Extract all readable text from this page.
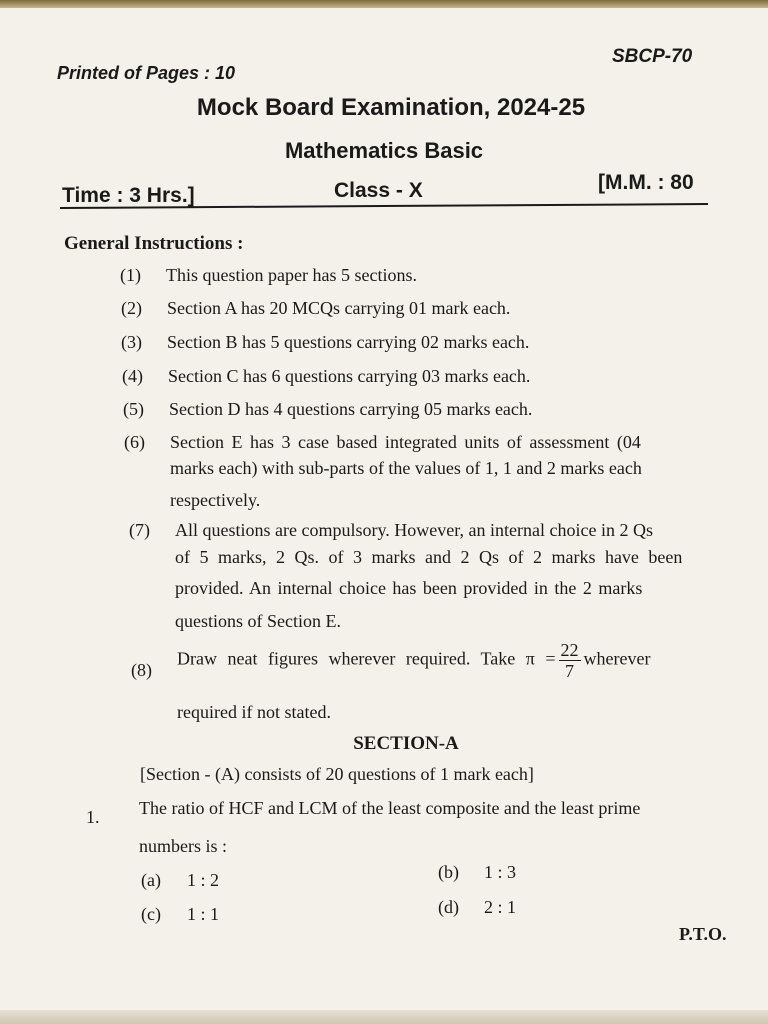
SBCP-70
Printed of Pages : 10
Mock Board Examination, 2024-25
Mathematics Basic
Time : 3 Hrs.]	Class - X	[M.M. : 80
General Instructions :
(1) This question paper has 5 sections.
(2) Section A has 20 MCQs carrying 01 mark each.
(3) Section B has 5 questions carrying 02 marks each.
(4) Section C has 6 questions carrying 03 marks each.
(5) Section D has 4 questions carrying 05 marks each.
(6) Section E has 3 case based integrated units of assessment (04
marks each) with sub-parts of the values of 1, 1 and 2 marks each
respectively.
(7) All questions are compulsory. However, an internal choice in 2 Qs
of 5 marks, 2 Qs. of 3 marks and 2 Qs of 2 marks have been
provided. An internal choice has been provided in the 2 marks
questions of Section E.
(8)
Draw neat figures wherever required. Take $\pi = \frac{22}{7}$ wherever
required if not stated.
SECTION-A
[Section - (A) consists of 20 questions of 1 mark each]
1. The ratio of HCF and LCM of the least composite and the least prime
numbers is :
(a) 1 : 2	(b) 1 : 3
(c) 1 : 1	(d) 2 : 1
P.T.O.
